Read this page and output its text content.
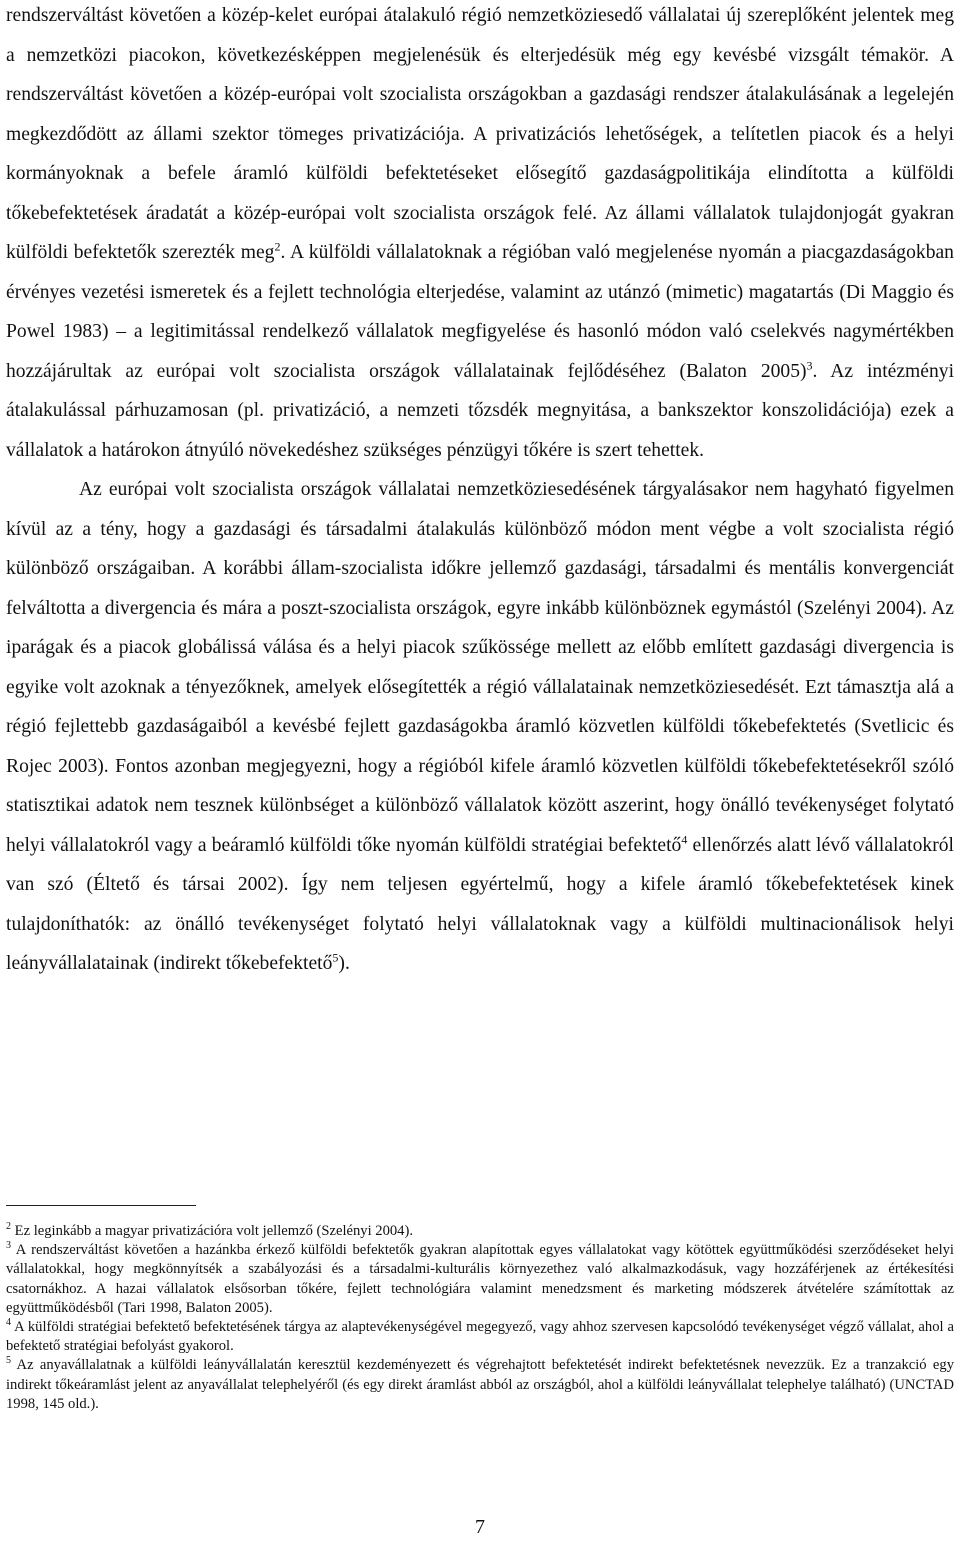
rendszerváltást követően a közép-kelet európai átalakuló régió nemzetköziesedő vállalatai új szereplőként jelentek meg a nemzetközi piacokon, következésképpen megjelenésük és elterjedésük még egy kevésbé vizsgált témakör. A rendszerváltást követően a közép-európai volt szocialista országokban a gazdasági rendszer átalakulásának a legelején megkezdődött az állami szektor tömeges privatizációja. A privatizációs lehetőségek, a telítetlen piacok és a helyi kormányoknak a befele áramló külföldi befektetéseket elősegítő gazdaságpolitikája elindította a külföldi tőkebefektetések áradatát a közép-európai volt szocialista országok felé. Az állami vállalatok tulajdonjogát gyakran külföldi befektetők szerezték meg$^2$. A külföldi vállalatoknak a régióban való megjelenése nyomán a piacgazdaságokban érvényes vezetési ismeretek és a fejlett technológia elterjedése, valamint az utánzó (mimetic) magatartás (Di Maggio és Powel 1983) – a legitimitással rendelkező vállalatok megfigyelése és hasonló módon való cselekvés nagymértékben hozzájárultak az európai volt szocialista országok vállalatainak fejlődéséhez (Balaton 2005)$^3$. Az intézményi átalakulással párhuzamosan (pl. privatizáció, a nemzeti tőzsdék megnyitása, a bankszektor konszolidációja) ezek a vállalatok a határokon átnyúló növekedéshez szükséges pénzügyi tőkére is szert tehettek.

Az európai volt szocialista országok vállalatai nemzetköziesedésének tárgyalásakor nem hagyható figyelmen kívül az a tény, hogy a gazdasági és társadalmi átalakulás különböző módon ment végbe a volt szocialista régió különböző országaiban. A korábbi állam-szocialista időkre jellemző gazdasági, társadalmi és mentális konvergenciát felváltotta a divergencia és mára a poszt-szocialista országok, egyre inkább különböznek egymástól (Szelényi 2004). Az iparágak és a piacok globálissá válása és a helyi piacok szűkössége mellett az előbb említett gazdasági divergencia is egyike volt azoknak a tényezőknek, amelyek elősegítették a régió vállalatainak nemzetköziesedését. Ezt támasztja alá a régió fejlettebb gazdaságaiból a kevésbé fejlett gazdaságokba áramló közvetlen külföldi tőkebefektetés (Svetlicic és Rojec 2003). Fontos azonban megjegyezni, hogy a régióból kifele áramló közvetlen külföldi tőkebefektetésekről szóló statisztikai adatok nem tesznek különbséget a különböző vállalatok között aszerint, hogy önálló tevékenységet folytató helyi vállalatokról vagy a beáramló külföldi tőke nyomán külföldi stratégiai befektető$^4$ ellenőrzés alatt lévő vállalatokról van szó (Éltető és társai 2002). Így nem teljesen egyértelmű, hogy a kifele áramló tőkebefektetések kinek tulajdoníthatók: az önálló tevékenységet folytató helyi vállalatoknak vagy a külföldi multinacionálisok helyi leányvállalatainak (indirekt tőkebefektető$^5$).

$^2$ Ez leginkább a magyar privatizációra volt jellemző (Szelényi 2004).

$^3$ A rendszerváltást követően a hazánkba érkező külföldi befektetők gyakran alapítottak egyes vállalatokat vagy kötöttek együttműködési szerződéseket helyi vállalatokkal, hogy megkönnyítsék a szabályozási és a társadalmi-kulturális környezethez való alkalmazkodásuk, vagy hozzáférjenek az értékesítési csatornákhoz. A hazai vállalatok elsősorban tőkére, fejlett technológiára valamint menedzsment és marketing módszerek átvételére számítottak az együttműködésből (Tari 1998, Balaton 2005).

$^4$ A külföldi stratégiai befektető befektetésének tárgya az alaptevékenységével megegyező, vagy ahhoz szervesen kapcsolódó tevékenységet végző vállalat, ahol a befektető stratégiai befolyást gyakorol.

$^5$ Az anyavállalatnak a külföldi leányvállalatán keresztül kezdeményezett és végrehajtott befektetését indirekt befektetésnek nevezzük. Ez a tranzakció egy indirekt tőkeáramlást jelent az anyavállalat telephelyéről (és egy direkt áramlást abból az országból, ahol a külföldi leányvállalat telephelye található) (UNCTAD 1998, 145 old.).

7
